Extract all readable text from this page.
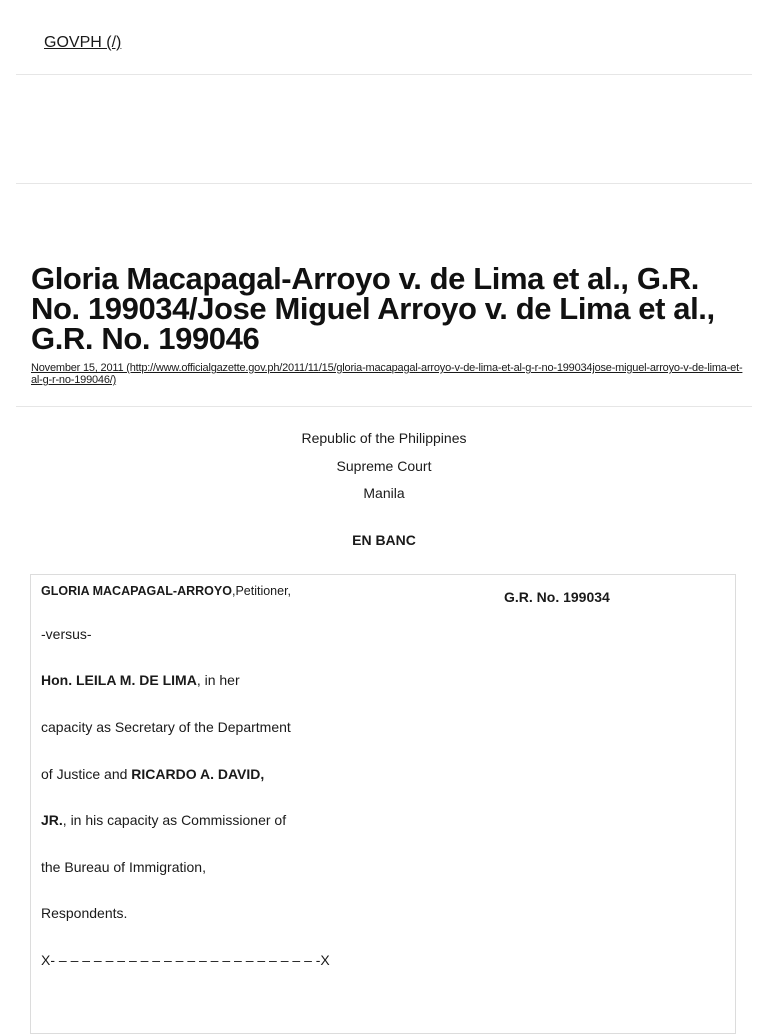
GOVPH (/)
Gloria Macapagal-Arroyo v. de Lima et al., G.R. No. 199034/Jose Miguel Arroyo v. de Lima et al., G.R. No. 199046
November 15, 2011 (http://www.officialgazette.gov.ph/2011/11/15/gloria-macapagal-arroyo-v-de-lima-et-al-g-r-no-199034jose-miguel-arroyo-v-de-lima-et-al-g-r-no-199046/)
Republic of the Philippines
Supreme Court
Manila
EN BANC
GLORIA MACAPAGAL-ARROYO,Petitioner,
-versus-
Hon. LEILA M. DE LIMA, in her
capacity as Secretary of the Department
of Justice and RICARDO A. DAVID,
JR., in his capacity as Commissioner of
the Bureau of Immigration,
Respondents.
X- – – – – – – – – – – – – – – – – – – – – – – -X
G.R. No. 199034
